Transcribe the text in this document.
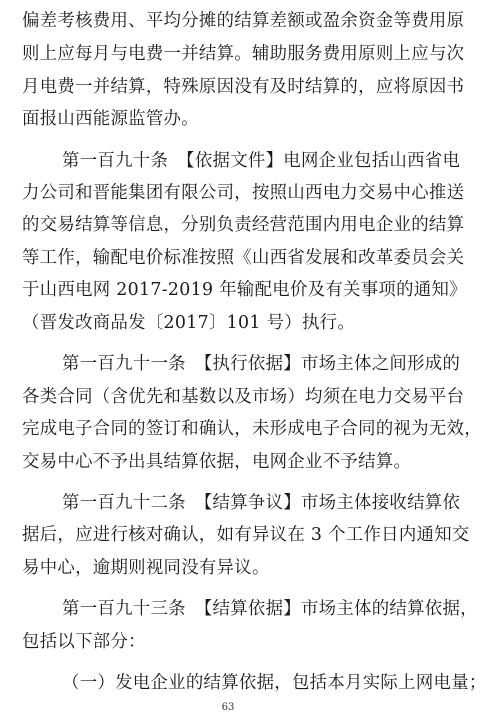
偏差考核费用、平均分摊的结算差额或盈余资金等费用原
则上应每月与电费一并结算。辅助服务费用原则上应与次
月电费一并结算，特殊原因没有及时结算的，应将原因书
面报山西能源监管办。
第一百九十条　【依据文件】电网企业包括山西省电
力公司和晋能集团有限公司，按照山西电力交易中心推送
的交易结算等信息，分别负责经营范围内用电企业的结算
等工作，输配电价标准按照《山西省发展和改革委员会关
于山西电网 2017-2019 年输配电价及有关事项的通知》
（晋发改商品发〔2017〕101 号）执行。
第一百九十一条　【执行依据】市场主体之间形成的
各类合同（含优先和基数以及市场）均须在电力交易平台
完成电子合同的签订和确认，未形成电子合同的视为无效，
交易中心不予出具结算依据，电网企业不予结算。
第一百九十二条　【结算争议】市场主体接收结算依
据后，应进行核对确认，如有异议在 3 个工作日内通知交
易中心，逾期则视同没有异议。
第一百九十三条　【结算依据】市场主体的结算依据，
包括以下部分：
（一）发电企业的结算依据，包括本月实际上网电量；
63
